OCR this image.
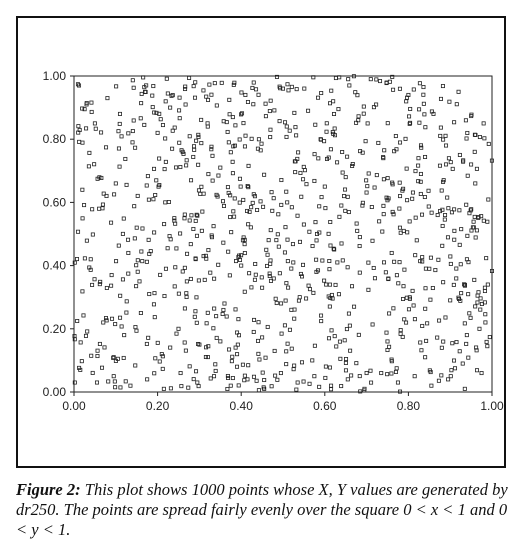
0.00	0.20	0.40	0.60	0.80	1.00
0.00
0.20
0.40
0.60
0.80
1.00
Figure 2: This plot shows 1000 points whose X, Y values are generated by dr250. The points are spread fairly evenly over the square 0 < x < 1 and 0 < y < 1.
